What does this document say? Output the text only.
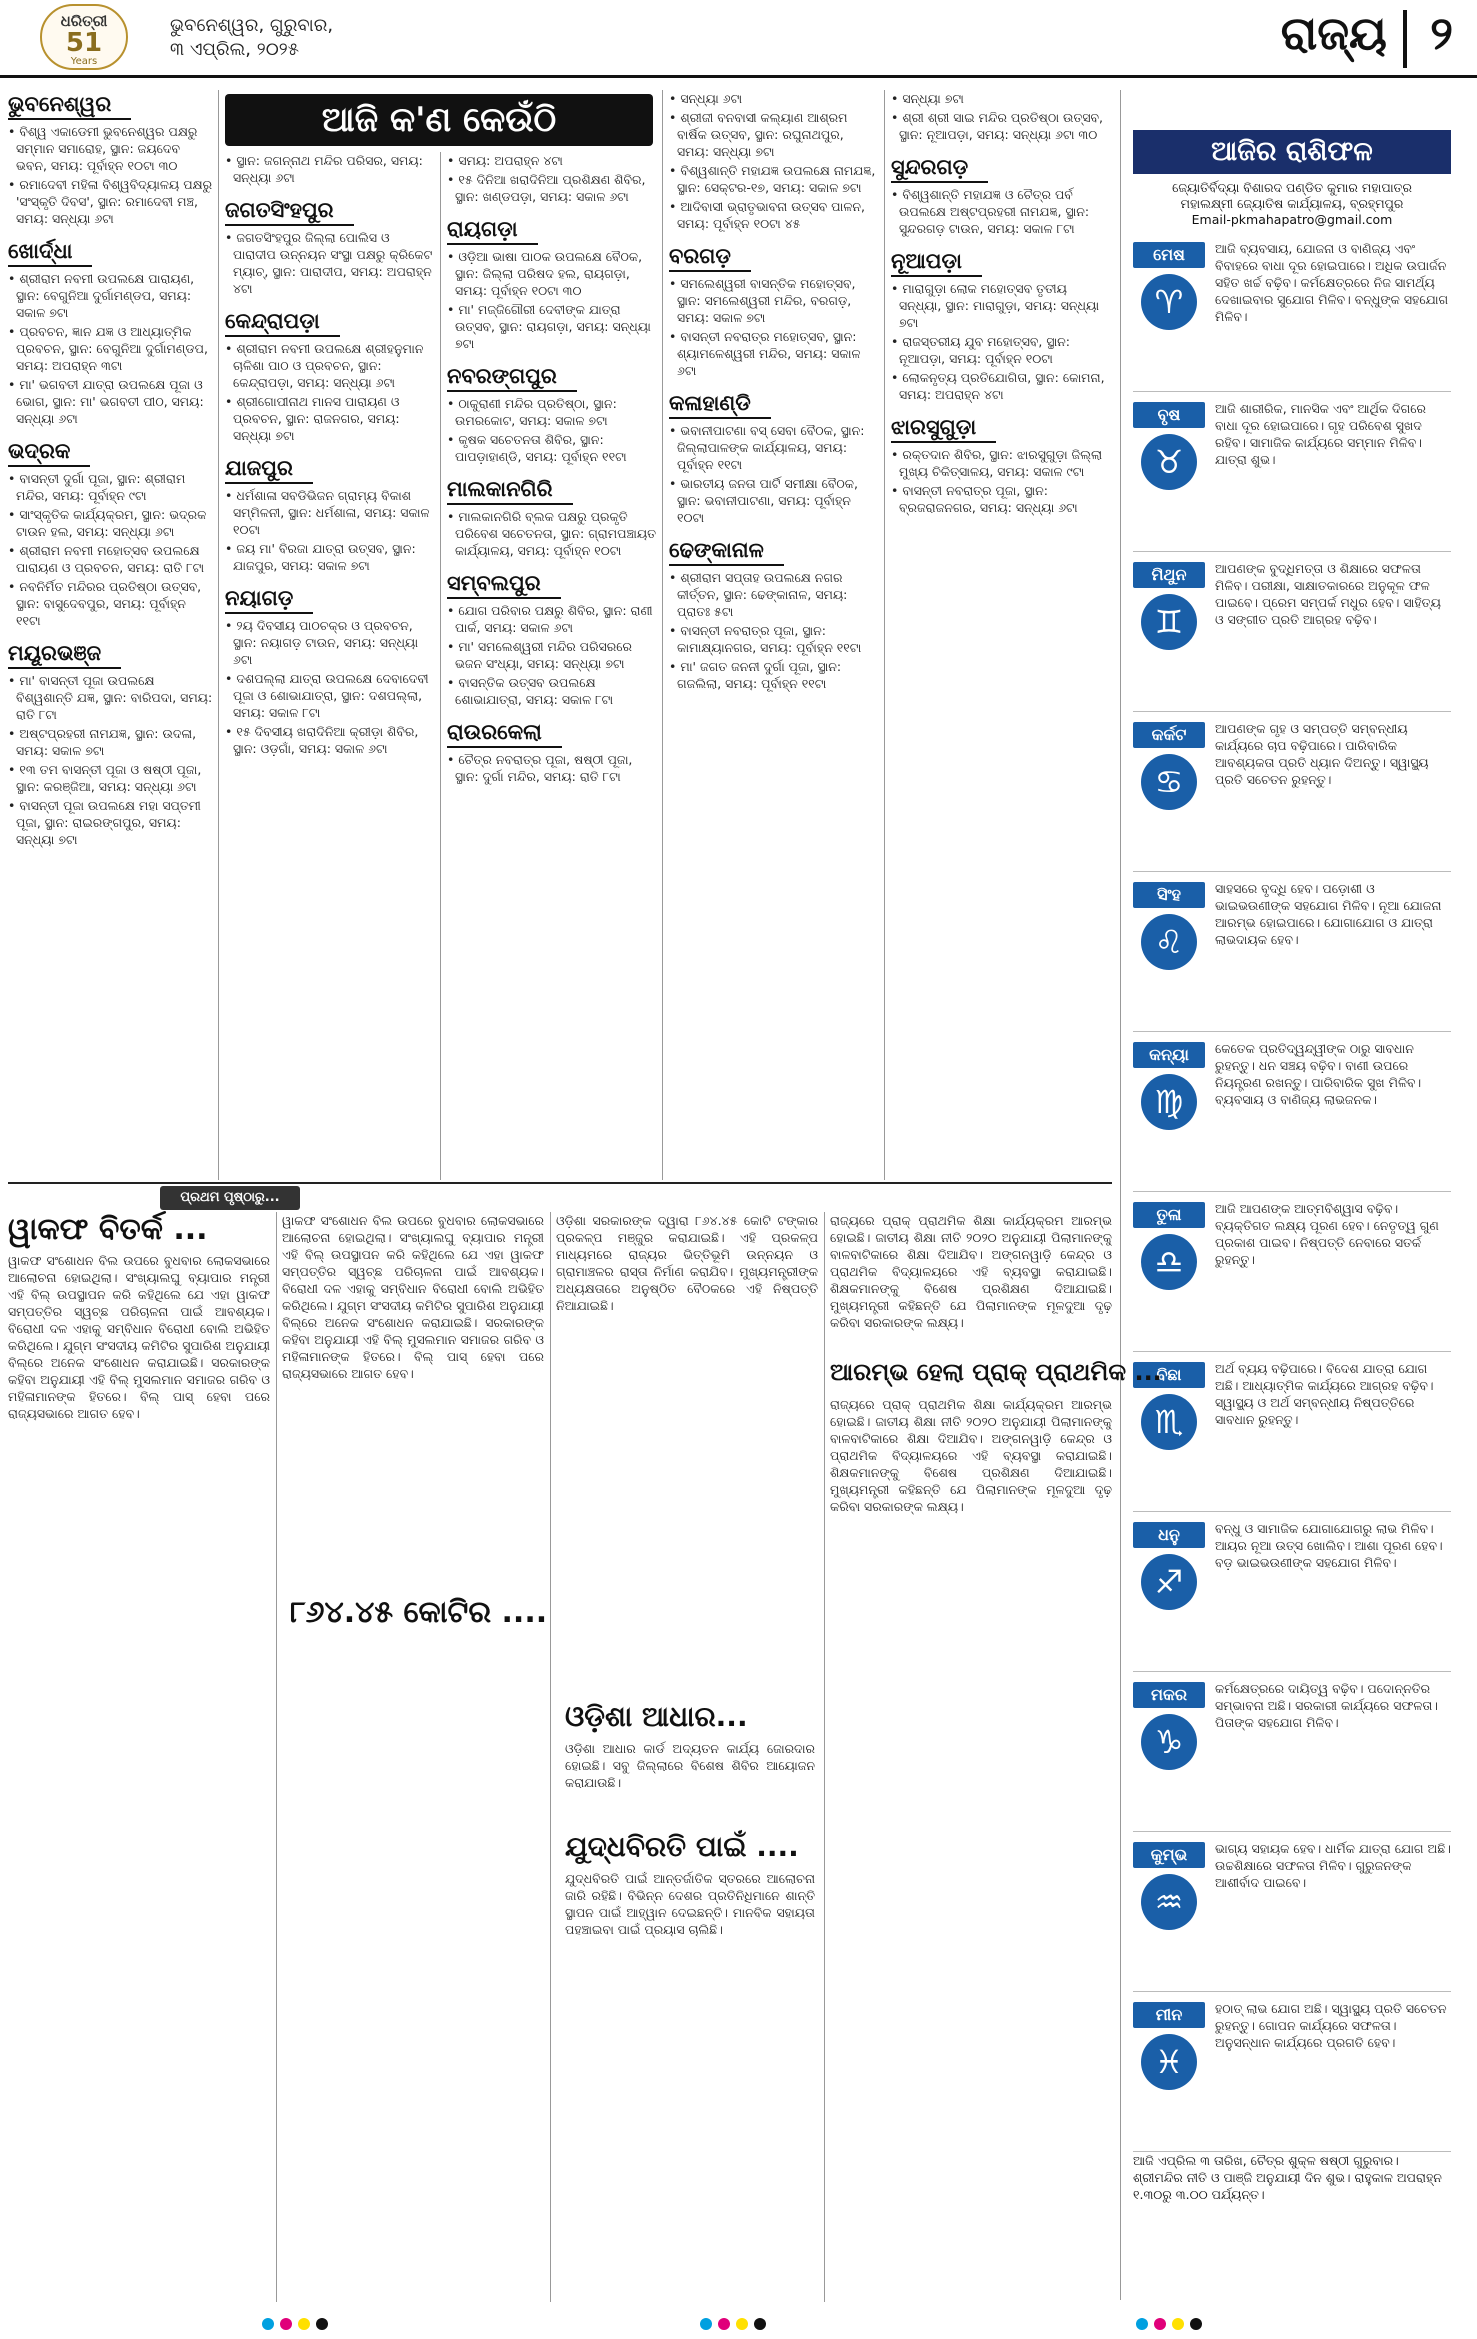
ଧରିତ୍ରୀ
51
Years
ଭୁବନେଶ୍ୱର, ଗୁରୁବାର,
୩ ଏପ୍ରିଲ, ୨୦୨୫	ରାଜ୍ୟ ୨
ଆଜି କ'ଣ କେଉଁଠି
ଭୁବନେଶ୍ୱର
• ବିଶ୍ୱ ଏକାଡେମୀ ଭୁବନେଶ୍ୱର ପକ୍ଷରୁ ସମ୍ମାନ ସମାରୋହ, ସ୍ଥାନ: ଜୟଦେବ ଭବନ, ସମୟ: ପୂର୍ବାହ୍ନ ୧୦ଟା ୩୦
• ରମାଦେବୀ ମହିଳା ବିଶ୍ୱବିଦ୍ୟାଳୟ ପକ୍ଷରୁ 'ସଂସ୍କୃତି ଦିବସ', ସ୍ଥାନ: ରମାଦେବୀ ମଞ୍ଚ, ସମୟ: ସନ୍ଧ୍ୟା ୬ଟା
ଖୋର୍ଦ୍ଧା
• ଶ୍ରୀରାମ ନବମୀ ଉପଲକ୍ଷେ ପାରାୟଣ, ସ୍ଥାନ: ବେଗୁନିଆ ଦୁର୍ଗାମଣ୍ଡପ, ସମୟ: ସକାଳ ୭ଟା
• ପ୍ରବଚନ, ଜ୍ଞାନ ଯଜ୍ଞ ଓ ଆଧ୍ୟାତ୍ମିକ ପ୍ରବଚନ, ସ୍ଥାନ: ବେଗୁନିଆ ଦୁର୍ଗାମଣ୍ଡପ, ସମୟ: ଅପରାହ୍ନ ୩ଟା
• ମା' ଭଗବତୀ ଯାତ୍ରା ଉପଲକ୍ଷେ ପୂଜା ଓ ଭୋଗ, ସ୍ଥାନ: ମା' ଭଗବତୀ ପୀଠ, ସମୟ: ସନ୍ଧ୍ୟା ୬ଟା
ଭଦ୍ରକ
• ବାସନ୍ତୀ ଦୁର୍ଗା ପୂଜା, ସ୍ଥାନ: ଶ୍ରୀରାମ ମନ୍ଦିର, ସମୟ: ପୂର୍ବାହ୍ନ ୯ଟା
• ସାଂସ୍କୃତିକ କାର୍ଯ୍ୟକ୍ରମ, ସ୍ଥାନ: ଭଦ୍ରକ ଟାଉନ ହଲ, ସମୟ: ସନ୍ଧ୍ୟା ୬ଟା
• ଶ୍ରୀରାମ ନବମୀ ମହୋତ୍ସବ ଉପଲକ୍ଷେ ପାରାୟଣ ଓ ପ୍ରବଚନ, ସମୟ: ରାତି ୮ଟା
• ନବନିର୍ମିତ ମନ୍ଦିରର ପ୍ରତିଷ୍ଠା ଉତ୍ସବ, ସ୍ଥାନ: ବାସୁଦେବପୁର, ସମୟ: ପୂର୍ବାହ୍ନ ୧୧ଟା
ମୟୂରଭଞ୍ଜ
• ମା' ବାସନ୍ତୀ ପୂଜା ଉପଲକ୍ଷେ ବିଶ୍ୱଶାନ୍ତି ଯଜ୍ଞ, ସ୍ଥାନ: ବାରିପଦା, ସମୟ: ରାତି ୮ଟା
• ଅଷ୍ଟପ୍ରହରୀ ନାମଯଜ୍ଞ, ସ୍ଥାନ: ଉଦଳା, ସମୟ: ସକାଳ ୭ଟା
• ୧୩ ତମ ବାସନ୍ତୀ ପୂଜା ଓ ଷଷ୍ଠୀ ପୂଜା, ସ୍ଥାନ: କରଞ୍ଜିଆ, ସମୟ: ସନ୍ଧ୍ୟା ୬ଟା
• ବାସନ୍ତୀ ପୂଜା ଉପଲକ୍ଷେ ମହା ସପ୍ତମୀ ପୂଜା, ସ୍ଥାନ: ରାଇରଙ୍ଗପୁର, ସମୟ: ସନ୍ଧ୍ୟା ୭ଟା
• ସ୍ଥାନ: ଜଗନ୍ନାଥ ମନ୍ଦିର ପରିସର, ସମୟ: ସନ୍ଧ୍ୟା ୬ଟା
ଜଗତସିଂହପୁର
• ଜଗତସିଂହପୁର ଜିଲ୍ଲା ପୋଲିସ ଓ ପାରାଦୀପ ଉନ୍ନୟନ ସଂସ୍ଥା ପକ୍ଷରୁ କ୍ରିକେଟ ମ୍ୟାଚ୍, ସ୍ଥାନ: ପାରାଦୀପ, ସମୟ: ଅପରାହ୍ନ ୪ଟା
କେନ୍ଦ୍ରାପଡ଼ା
• ଶ୍ରୀରାମ ନବମୀ ଉପଲକ୍ଷେ ଶ୍ରୀହନୁମାନ ଚାଳିଶା ପାଠ ଓ ପ୍ରବଚନ, ସ୍ଥାନ: କେନ୍ଦ୍ରାପଡ଼ା, ସମୟ: ସନ୍ଧ୍ୟା ୬ଟା
• ଶ୍ରୀଗୋପୀନାଥ ମାନସ ପାରାୟଣ ଓ ପ୍ରବଚନ, ସ୍ଥାନ: ରାଜନଗର, ସମୟ: ସନ୍ଧ୍ୟା ୭ଟା
ଯାଜପୁର
• ଧର୍ମଶାଳା ସବଡିଭିଜନ ଗ୍ରାମ୍ୟ ବିକାଶ ସମ୍ମିଳନୀ, ସ୍ଥାନ: ଧର୍ମଶାଳା, ସମୟ: ସକାଳ ୧୦ଟା
• ଜୟ ମା' ବିରଜା ଯାତ୍ରା ଉତ୍ସବ, ସ୍ଥାନ: ଯାଜପୁର, ସମୟ: ସକାଳ ୭ଟା
ନୟାଗଡ଼
• ୨ୟ ଦିବସୀୟ ପାଠଚକ୍ର ଓ ପ୍ରବଚନ, ସ୍ଥାନ: ନୟାଗଡ଼ ଟାଉନ, ସମୟ: ସନ୍ଧ୍ୟା ୬ଟା
• ଦଶପଲ୍ଲା ଯାତ୍ରା ଉପଲକ୍ଷେ ଦେବାଦେବୀ ପୂଜା ଓ ଶୋଭାଯାତ୍ରା, ସ୍ଥାନ: ଦଶପଲ୍ଲା, ସମୟ: ସକାଳ ୮ଟା
• ୧୫ ଦିବସୀୟ ଖରାଦିନିଆ କ୍ରୀଡ଼ା ଶିବିର, ସ୍ଥାନ: ଓଡ଼ଗାଁ, ସମୟ: ସକାଳ ୬ଟା
• ସମୟ: ଅପରାହ୍ନ ୪ଟା
• ୧୫ ଦିନିଆ ଖରାଦିନିଆ ପ୍ରଶିକ୍ଷଣ ଶିବିର, ସ୍ଥାନ: ଖଣ୍ଡପଡ଼ା, ସମୟ: ସକାଳ ୬ଟା
ରାୟଗଡ଼ା
• ଓଡ଼ିଆ ଭାଷା ପାଠକ ଉପଲକ୍ଷେ ବୈଠକ, ସ୍ଥାନ: ଜିଲ୍ଲା ପରିଷଦ ହଲ, ରାୟଗଡ଼ା, ସମୟ: ପୂର୍ବାହ୍ନ ୧୦ଟା ୩୦
• ମା' ମଜ୍ଜିଗୌରୀ ଦେବୀଙ୍କ ଯାତ୍ରା ଉତ୍ସବ, ସ୍ଥାନ: ରାୟଗଡ଼ା, ସମୟ: ସନ୍ଧ୍ୟା ୭ଟା
ନବରଙ୍ଗପୁର
• ଠାକୁରାଣୀ ମନ୍ଦିର ପ୍ରତିଷ୍ଠା, ସ୍ଥାନ: ଉମରକୋଟ, ସମୟ: ସକାଳ ୭ଟା
• କୃଷକ ସଚେତନତା ଶିବିର, ସ୍ଥାନ: ପାପଡ଼ାହାଣ୍ଡି, ସମୟ: ପୂର୍ବାହ୍ନ ୧୧ଟା
ମାଲକାନଗିରି
• ମାଲକାନଗିରି ବ୍ଲକ ପକ୍ଷରୁ ପ୍ରକୃତି ପରିବେଶ ସଚେତନତା, ସ୍ଥାନ: ଗ୍ରାମପଞ୍ଚାୟତ କାର୍ଯ୍ୟାଳୟ, ସମୟ: ପୂର୍ବାହ୍ନ ୧୦ଟା
ସମ୍ବଲପୁର
• ଯୋଗ ପରିବାର ପକ୍ଷରୁ ଶିବିର, ସ୍ଥାନ: ରାଣୀ ପାର୍କ, ସମୟ: ସକାଳ ୬ଟା
• ମା' ସମଲେଶ୍ୱରୀ ମନ୍ଦିର ପରିସରରେ ଭଜନ ସଂଧ୍ୟା, ସମୟ: ସନ୍ଧ୍ୟା ୭ଟା
• ବାସନ୍ତିକ ଉତ୍ସବ ଉପଲକ୍ଷେ ଶୋଭାଯାତ୍ରା, ସମୟ: ସକାଳ ୮ଟା
ରାଉରକେଲା
• ଚୈତ୍ର ନବରାତ୍ର ପୂଜା, ଷଷ୍ଠୀ ପୂଜା, ସ୍ଥାନ: ଦୁର୍ଗା ମନ୍ଦିର, ସମୟ: ରାତି ୮ଟା
• ସନ୍ଧ୍ୟା ୬ଟା
• ଶ୍ରୀଜୀ ବନବାସୀ କଲ୍ୟାଣ ଆଶ୍ରମ ବାର୍ଷିକ ଉତ୍ସବ, ସ୍ଥାନ: ରଘୁନାଥପୁର, ସମୟ: ସନ୍ଧ୍ୟା ୭ଟା
• ବିଶ୍ୱଶାନ୍ତି ମହାଯଜ୍ଞ ଉପଲକ୍ଷେ ନାମଯଜ୍ଞ, ସ୍ଥାନ: ସେକ୍ଟର-୧୭, ସମୟ: ସକାଳ ୭ଟା
• ଆଦିବାସୀ ଭ୍ରାତୃଭାବନା ଉତ୍ସବ ପାଳନ, ସମୟ: ପୂର୍ବାହ୍ନ ୧୦ଟା ୪୫
ବରଗଡ଼
• ସମଲେଶ୍ୱରୀ ବାସନ୍ତିକ ମହୋତ୍ସବ, ସ୍ଥାନ: ସମଲେଶ୍ୱରୀ ମନ୍ଦିର, ବରଗଡ଼, ସମୟ: ସକାଳ ୭ଟା
• ବାସନ୍ତୀ ନବରାତ୍ର ମହୋତ୍ସବ, ସ୍ଥାନ: ଶ୍ୟାମଳେଶ୍ୱରୀ ମନ୍ଦିର, ସମୟ: ସକାଳ ୬ଟା
କଳାହାଣ୍ଡି
• ଭବାନୀପାଟଣା ବସ୍ ସେବା ବୈଠକ, ସ୍ଥାନ: ଜିଲ୍ଲାପାଳଙ୍କ କାର୍ଯ୍ୟାଳୟ, ସମୟ: ପୂର୍ବାହ୍ନ ୧୧ଟା
• ଭାରତୀୟ ଜନତା ପାର୍ଟି ସମୀକ୍ଷା ବୈଠକ, ସ୍ଥାନ: ଭବାନୀପାଟଣା, ସମୟ: ପୂର୍ବାହ୍ନ ୧୦ଟା
ଢେଙ୍କାନାଳ
• ଶ୍ରୀରାମ ସପ୍ତାହ ଉପଲକ୍ଷେ ନଗର କୀର୍ତ୍ତନ, ସ୍ଥାନ: ଢେଙ୍କାନାଳ, ସମୟ: ପ୍ରାତଃ ୫ଟା
• ବାସନ୍ତୀ ନବରାତ୍ର ପୂଜା, ସ୍ଥାନ: କାମାକ୍ଷ୍ୟାନଗର, ସମୟ: ପୂର୍ବାହ୍ନ ୧୧ଟା
• ମା' ଜଗତ ଜନନୀ ଦୁର୍ଗା ପୂଜା, ସ୍ଥାନ: ଗଜଲିଲା, ସମୟ: ପୂର୍ବାହ୍ନ ୧୧ଟା
• ସନ୍ଧ୍ୟା ୭ଟା
• ଶ୍ରୀ ଶ୍ରୀ ସାଇ ମନ୍ଦିର ପ୍ରତିଷ୍ଠା ଉତ୍ସବ, ସ୍ଥାନ: ନୂଆପଡ଼ା, ସମୟ: ସନ୍ଧ୍ୟା ୬ଟା ୩୦
ସୁନ୍ଦରଗଡ଼
• ବିଶ୍ୱଶାନ୍ତି ମହାଯଜ୍ଞ ଓ ଚୈତ୍ର ପର୍ବ ଉପଲକ୍ଷେ ଅଷ୍ଟପ୍ରହରୀ ନାମଯଜ୍ଞ, ସ୍ଥାନ: ସୁନ୍ଦରଗଡ଼ ଟାଉନ, ସମୟ: ସକାଳ ୮ଟା
ନୂଆପଡ଼ା
• ମାରାଗୁଡ଼ା ଲୋକ ମହୋତ୍ସବ ତୃତୀୟ ସନ୍ଧ୍ୟା, ସ୍ଥାନ: ମାରାଗୁଡ଼ା, ସମୟ: ସନ୍ଧ୍ୟା ୭ଟା
• ରାଜସ୍ତରୀୟ ଯୁବ ମହୋତ୍ସବ, ସ୍ଥାନ: ନୂଆପଡ଼ା, ସମୟ: ପୂର୍ବାହ୍ନ ୧୦ଟା
• ଲୋକନୃତ୍ୟ ପ୍ରତିଯୋଗିତା, ସ୍ଥାନ: କୋମନା, ସମୟ: ଅପରାହ୍ନ ୪ଟା
ଝାରସୁଗୁଡ଼ା
• ରକ୍ତଦାନ ଶିବିର, ସ୍ଥାନ: ଝାରସୁଗୁଡ଼ା ଜିଲ୍ଲା ମୁଖ୍ୟ ଚିକିତ୍ସାଳୟ, ସମୟ: ସକାଳ ୯ଟା
• ବାସନ୍ତୀ ନବରାତ୍ର ପୂଜା, ସ୍ଥାନ: ବ୍ରଜରାଜନଗର, ସମୟ: ସନ୍ଧ୍ୟା ୬ଟା
ଆଜିର ରାଶିଫଳ
ଜ୍ୟୋତିର୍ବିଦ୍ୟା ବିଶାରଦ ପଣ୍ଡିତ କୁମାର ମହାପାତ୍ର
ମହାଲକ୍ଷ୍ମୀ ଜ୍ୟୋତିଷ କାର୍ଯ୍ୟାଳୟ, ବ୍ରହ୍ମପୁର
Email-pkmahapatro@gmail.com
ମେଷ
♈
ଆଜି ବ୍ୟବସାୟ, ଯୋଜନା ଓ ବାଣିଜ୍ୟ ଏବଂ ବିବାହରେ ବାଧା ଦୂର ହୋଇପାରେ। ଅଧିକ ଉପାର୍ଜନ ସହିତ ଖର୍ଚ୍ଚ ବଢ଼ିବ। କର୍ମକ୍ଷେତ୍ରରେ ନିଜ ସାମର୍ଥ୍ୟ ଦେଖାଇବାର ସୁଯୋଗ ମିଳିବ। ବନ୍ଧୁଙ୍କ ସହଯୋଗ ମିଳିବ।
ବୃଷ
♉
ଆଜି ଶାରୀରିକ, ମାନସିକ ଏବଂ ଆର୍ଥିକ ଦିଗରେ ବାଧା ଦୂର ହୋଇପାରେ। ଗୃହ ପରିବେଶ ସୁଖଦ ରହିବ। ସାମାଜିକ କାର୍ଯ୍ୟରେ ସମ୍ମାନ ମିଳିବ। ଯାତ୍ରା ଶୁଭ।
ମିଥୁନ
♊
ଆପଣଙ୍କ ବୁଦ୍ଧିମତ୍ତା ଓ ଶିକ୍ଷାରେ ସଫଳତା ମିଳିବ। ପରୀକ୍ଷା, ସାକ୍ଷାତକାରରେ ଅନୁକୂଳ ଫଳ ପାଇବେ। ପ୍ରେମ ସମ୍ପର୍କ ମଧୁର ହେବ। ସାହିତ୍ୟ ଓ ସଙ୍ଗୀତ ପ୍ରତି ଆଗ୍ରହ ବଢ଼ିବ।
କର୍କଟ
♋
ଆପଣଙ୍କ ଗୃହ ଓ ସମ୍ପତ୍ତି ସମ୍ବନ୍ଧୀୟ କାର୍ଯ୍ୟରେ ଚାପ ବଢ଼ିପାରେ। ପାରିବାରିକ ଆବଶ୍ୟକତା ପ୍ରତି ଧ୍ୟାନ ଦିଅନ୍ତୁ। ସ୍ୱାସ୍ଥ୍ୟ ପ୍ରତି ସଚେତନ ରୁହନ୍ତୁ।
ସିଂହ
♌
ସାହସରେ ବୃଦ୍ଧି ହେବ। ପଡ଼ୋଶୀ ଓ ଭାଇଭଉଣୀଙ୍କ ସହଯୋଗ ମିଳିବ। ନୂଆ ଯୋଜନା ଆରମ୍ଭ ହୋଇପାରେ। ଯୋଗାଯୋଗ ଓ ଯାତ୍ରା ଲାଭଦାୟକ ହେବ।
କନ୍ୟା
♍
କେତେକ ପ୍ରତିଦ୍ୱନ୍ଦ୍ୱୀଙ୍କ ଠାରୁ ସାବଧାନ ରୁହନ୍ତୁ। ଧନ ସଞ୍ଚୟ ବଢ଼ିବ। ବାଣୀ ଉପରେ ନିୟନ୍ତ୍ରଣ ରଖନ୍ତୁ। ପାରିବାରିକ ସୁଖ ମିଳିବ। ବ୍ୟବସାୟ ଓ ବାଣିଜ୍ୟ ଲାଭଜନକ।
ତୁଳା
♎
ଆଜି ଆପଣଙ୍କ ଆତ୍ମବିଶ୍ୱାସ ବଢ଼ିବ। ବ୍ୟକ୍ତିଗତ ଲକ୍ଷ୍ୟ ପୂରଣ ହେବ। ନେତୃତ୍ୱ ଗୁଣ ପ୍ରକାଶ ପାଇବ। ନିଷ୍ପତ୍ତି ନେବାରେ ସତର୍କ ରୁହନ୍ତୁ।
ବିଛା
♏
ଅର୍ଥ ବ୍ୟୟ ବଢ଼ିପାରେ। ବିଦେଶ ଯାତ୍ରା ଯୋଗ ଅଛି। ଆଧ୍ୟାତ୍ମିକ କାର୍ଯ୍ୟରେ ଆଗ୍ରହ ବଢ଼ିବ। ସ୍ୱାସ୍ଥ୍ୟ ଓ ଅର୍ଥ ସମ୍ବନ୍ଧୀୟ ନିଷ୍ପତ୍ତିରେ ସାବଧାନ ରୁହନ୍ତୁ।
ଧନୁ
♐
ବନ୍ଧୁ ଓ ସାମାଜିକ ଯୋଗାଯୋଗରୁ ଲାଭ ମିଳିବ। ଆୟର ନୂଆ ଉତ୍ସ ଖୋଲିବ। ଆଶା ପୂରଣ ହେବ। ବଡ଼ ଭାଇଭଉଣୀଙ୍କ ସହଯୋଗ ମିଳିବ।
ମକର
♑
କର୍ମକ୍ଷେତ୍ରରେ ଦାୟିତ୍ୱ ବଢ଼ିବ। ପଦୋନ୍ନତିର ସମ୍ଭାବନା ଅଛି। ସରକାରୀ କାର୍ଯ୍ୟରେ ସଫଳତା। ପିତାଙ୍କ ସହଯୋଗ ମିଳିବ।
କୁମ୍ଭ
♒
ଭାଗ୍ୟ ସହାୟକ ହେବ। ଧାର୍ମିକ ଯାତ୍ରା ଯୋଗ ଅଛି। ଉଚ୍ଚଶିକ୍ଷାରେ ସଫଳତା ମିଳିବ। ଗୁରୁଜନଙ୍କ ଆଶୀର୍ବାଦ ପାଇବେ।
ମୀନ
♓
ହଠାତ୍ ଲାଭ ଯୋଗ ଅଛି। ସ୍ୱାସ୍ଥ୍ୟ ପ୍ରତି ସଚେତନ ରୁହନ୍ତୁ। ଗୋପନ କାର୍ଯ୍ୟରେ ସଫଳତା। ଅନୁସନ୍ଧାନ କାର୍ଯ୍ୟରେ ପ୍ରଗତି ହେବ।
ଆଜି ଏପ୍ରିଲ ୩ ତାରିଖ, ଚୈତ୍ର ଶୁକ୍ଳ ଷଷ୍ଠୀ ଗୁରୁବାର। ଶ୍ରୀମନ୍ଦିର ନୀତି ଓ ପାଞ୍ଜି ଅନୁଯାୟୀ ଦିନ ଶୁଭ। ରାହୁକାଳ ଅପରାହ୍ନ ୧.୩୦ରୁ ୩.୦୦ ପର୍ଯ୍ୟନ୍ତ।
ପ୍ରଥମ ପୃଷ୍ଠାରୁ...
ୱାକଫ ବିତର୍କ ...
ୱାକଫ ସଂଶୋଧନ ବିଲ ଉପରେ ବୁଧବାର ଲୋକସଭାରେ ଆଲୋଚନା ହୋଇଥିଲା। ସଂଖ୍ୟାଲଘୁ ବ୍ୟାପାର ମନ୍ତ୍ରୀ ଏହି ବିଲ୍ ଉପସ୍ଥାପନ କରି କହିଥିଲେ ଯେ ଏହା ୱାକଫ ସମ୍ପତ୍ତିର ସ୍ୱଚ୍ଛ ପରିଚାଳନା ପାଇଁ ଆବଶ୍ୟକ। ବିରୋଧୀ ଦଳ ଏହାକୁ ସମ୍ବିଧାନ ବିରୋଧୀ ବୋଲି ଅଭିହିତ କରିଥିଲେ। ଯୁଗ୍ମ ସଂସଦୀୟ କମିଟିର ସୁପାରିଶ ଅନୁଯାୟୀ ବିଲ୍‌ରେ ଅନେକ ସଂଶୋଧନ କରାଯାଇଛି। ସରକାରଙ୍କ କହିବା ଅନୁଯାୟୀ ଏହି ବିଲ୍ ମୁସଲମାନ ସମାଜର ଗରିବ ଓ ମହିଳାମାନଙ୍କ ହିତରେ। ବିଲ୍ ପାସ୍ ହେବା ପରେ ରାଜ୍ୟସଭାରେ ଆଗତ ହେବ।
ୱାକଫ ସଂଶୋଧନ ବିଲ ଉପରେ ବୁଧବାର ଲୋକସଭାରେ ଆଲୋଚନା ହୋଇଥିଲା। ସଂଖ୍ୟାଲଘୁ ବ୍ୟାପାର ମନ୍ତ୍ରୀ ଏହି ବିଲ୍ ଉପସ୍ଥାପନ କରି କହିଥିଲେ ଯେ ଏହା ୱାକଫ ସମ୍ପତ୍ତିର ସ୍ୱଚ୍ଛ ପରିଚାଳନା ପାଇଁ ଆବଶ୍ୟକ। ବିରୋଧୀ ଦଳ ଏହାକୁ ସମ୍ବିଧାନ ବିରୋଧୀ ବୋଲି ଅଭିହିତ କରିଥିଲେ। ଯୁଗ୍ମ ସଂସଦୀୟ କମିଟିର ସୁପାରିଶ ଅନୁଯାୟୀ ବିଲ୍‌ରେ ଅନେକ ସଂଶୋଧନ କରାଯାଇଛି। ସରକାରଙ୍କ କହିବା ଅନୁଯାୟୀ ଏହି ବିଲ୍ ମୁସଲମାନ ସମାଜର ଗରିବ ଓ ମହିଳାମାନଙ୍କ ହିତରେ। ବିଲ୍ ପାସ୍ ହେବା ପରେ ରାଜ୍ୟସଭାରେ ଆଗତ ହେବ।
୮୬୪.୪୫ କୋଟିର ....
ଓଡ଼ିଶା ସରକାରଙ୍କ ଦ୍ୱାରା ୮୬୪.୪୫ କୋଟି ଟଙ୍କାର ପ୍ରକଳ୍ପ ମଞ୍ଜୁର କରାଯାଇଛି। ଏହି ପ୍ରକଳ୍ପ ମାଧ୍ୟମରେ ରାଜ୍ୟର ଭିତ୍ତିଭୂମି ଉନ୍ନୟନ ଓ ଗ୍ରାମାଞ୍ଚଳର ରାସ୍ତା ନିର୍ମାଣ କରାଯିବ। ମୁଖ୍ୟମନ୍ତ୍ରୀଙ୍କ ଅଧ୍ୟକ୍ଷତାରେ ଅନୁଷ୍ଠିତ ବୈଠକରେ ଏହି ନିଷ୍ପତ୍ତି ନିଆଯାଇଛି।
ଓଡ଼ିଶା ଆଧାର...
ଓଡ଼ିଶା ଆଧାର କାର୍ଡ ଅଦ୍ୟତନ କାର୍ଯ୍ୟ ଜୋରଦାର ହୋଇଛି। ସବୁ ଜିଲ୍ଲାରେ ବିଶେଷ ଶିବିର ଆୟୋଜନ କରାଯାଉଛି।
ଯୁଦ୍ଧବିରତି ପାଇଁ ....
ଯୁଦ୍ଧବିରତି ପାଇଁ ଆନ୍ତର୍ଜାତିକ ସ୍ତରରେ ଆଲୋଚନା ଜାରି ରହିଛି। ବିଭିନ୍ନ ଦେଶର ପ୍ରତିନିଧିମାନେ ଶାନ୍ତି ସ୍ଥାପନ ପାଇଁ ଆହ୍ୱାନ ଦେଇଛନ୍ତି। ମାନବିକ ସହାୟତା ପହଞ୍ଚାଇବା ପାଇଁ ପ୍ରୟାସ ଚାଲିଛି।
ରାଜ୍ୟରେ ପ୍ରାକ୍ ପ୍ରାଥମିକ ଶିକ୍ଷା କାର୍ଯ୍ୟକ୍ରମ ଆରମ୍ଭ ହୋଇଛି। ଜାତୀୟ ଶିକ୍ଷା ନୀତି ୨୦୨୦ ଅନୁଯାୟୀ ପିଲାମାନଙ୍କୁ ବାଳବାଟିକାରେ ଶିକ୍ଷା ଦିଆଯିବ। ଅଙ୍ଗନୱାଡ଼ି କେନ୍ଦ୍ର ଓ ପ୍ରାଥମିକ ବିଦ୍ୟାଳୟରେ ଏହି ବ୍ୟବସ୍ଥା କରାଯାଇଛି। ଶିକ୍ଷକମାନଙ୍କୁ ବିଶେଷ ପ୍ରଶିକ୍ଷଣ ଦିଆଯାଇଛି। ମୁଖ୍ୟମନ୍ତ୍ରୀ କହିଛନ୍ତି ଯେ ପିଲାମାନଙ୍କ ମୂଳଦୁଆ ଦୃଢ଼ କରିବା ସରକାରଙ୍କ ଲକ୍ଷ୍ୟ।
ଆରମ୍ଭ ହେଲା ପ୍ରାକ୍ ପ୍ରାଥମିକ ...
ରାଜ୍ୟରେ ପ୍ରାକ୍ ପ୍ରାଥମିକ ଶିକ୍ଷା କାର୍ଯ୍ୟକ୍ରମ ଆରମ୍ଭ ହୋଇଛି। ଜାତୀୟ ଶିକ୍ଷା ନୀତି ୨୦୨୦ ଅନୁଯାୟୀ ପିଲାମାନଙ୍କୁ ବାଳବାଟିକାରେ ଶିକ୍ଷା ଦିଆଯିବ। ଅଙ୍ଗନୱାଡ଼ି କେନ୍ଦ୍ର ଓ ପ୍ରାଥମିକ ବିଦ୍ୟାଳୟରେ ଏହି ବ୍ୟବସ୍ଥା କରାଯାଇଛି। ଶିକ୍ଷକମାନଙ୍କୁ ବିଶେଷ ପ୍ରଶିକ୍ଷଣ ଦିଆଯାଇଛି। ମୁଖ୍ୟମନ୍ତ୍ରୀ କହିଛନ୍ତି ଯେ ପିଲାମାନଙ୍କ ମୂଳଦୁଆ ଦୃଢ଼ କରିବା ସରକାରଙ୍କ ଲକ୍ଷ୍ୟ।
